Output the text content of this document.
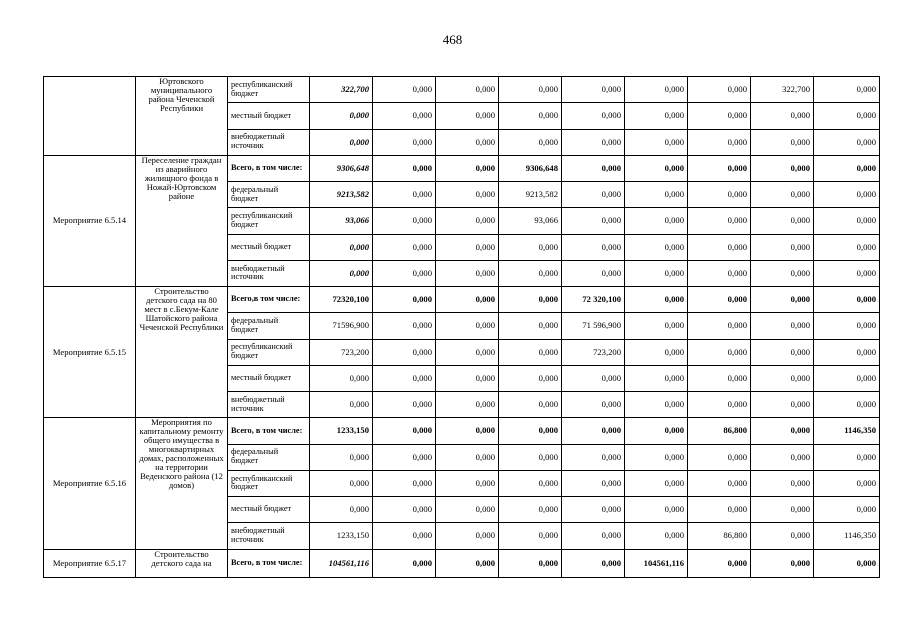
468
	Юртовского муниципального района Чеченской Республики	республиканский бюджет	322,700	0,000	0,000	0,000	0,000	0,000	0,000	322,700	0,000
		местный бюджет	0,000	0,000	0,000	0,000	0,000	0,000	0,000	0,000	0,000
		внебюджетный источник	0,000	0,000	0,000	0,000	0,000	0,000	0,000	0,000	0,000
Мероприятие 6.5.14	Переселение граждан из аварийного жилищного фонда в Ножай-Юртовском районе	Всего, в том числе:	9306,648	0,000	0,000	9306,648	0,000	0,000	0,000	0,000	0,000
		федеральный бюджет	9213,582	0,000	0,000	9213,582	0,000	0,000	0,000	0,000	0,000
		республиканский бюджет	93,066	0,000	0,000	93,066	0,000	0,000	0,000	0,000	0,000
		местный бюджет	0,000	0,000	0,000	0,000	0,000	0,000	0,000	0,000	0,000
		внебюджетный источник	0,000	0,000	0,000	0,000	0,000	0,000	0,000	0,000	0,000
Мероприятие 6.5.15	Строительство детского сада на 80 мест в с.Бекум-Кале Шатойского района Чеченской Республики	Всего,в том числе:	72320,100	0,000	0,000	0,000	72 320,100	0,000	0,000	0,000	0,000
		федеральный бюджет	71596,900	0,000	0,000	0,000	71 596,900	0,000	0,000	0,000	0,000
		республиканский бюджет	723,200	0,000	0,000	0,000	723,200	0,000	0,000	0,000	0,000
		местный бюджет	0,000	0,000	0,000	0,000	0,000	0,000	0,000	0,000	0,000
		внебюджетный источник	0,000	0,000	0,000	0,000	0,000	0,000	0,000	0,000	0,000
Мероприятие 6.5.16	Мероприятия по капитальному ремонту общего имущества в многоквартирных домах, расположенных на территории Веденского района (12 домов)	Всего, в том числе:	1233,150	0,000	0,000	0,000	0,000	0,000	86,800	0,000	1146,350
		федеральный бюджет	0,000	0,000	0,000	0,000	0,000	0,000	0,000	0,000	0,000
		республиканский бюджет	0,000	0,000	0,000	0,000	0,000	0,000	0,000	0,000	0,000
		местный бюджет	0,000	0,000	0,000	0,000	0,000	0,000	0,000	0,000	0,000
		внебюджетный источник	1233,150	0,000	0,000	0,000	0,000	0,000	86,800	0,000	1146,350
Мероприятие 6.5.17	Строительство детского сада на	Всего, в том числе:	104561,116	0,000	0,000	0,000	0,000	104561,116	0,000	0,000	0,000
